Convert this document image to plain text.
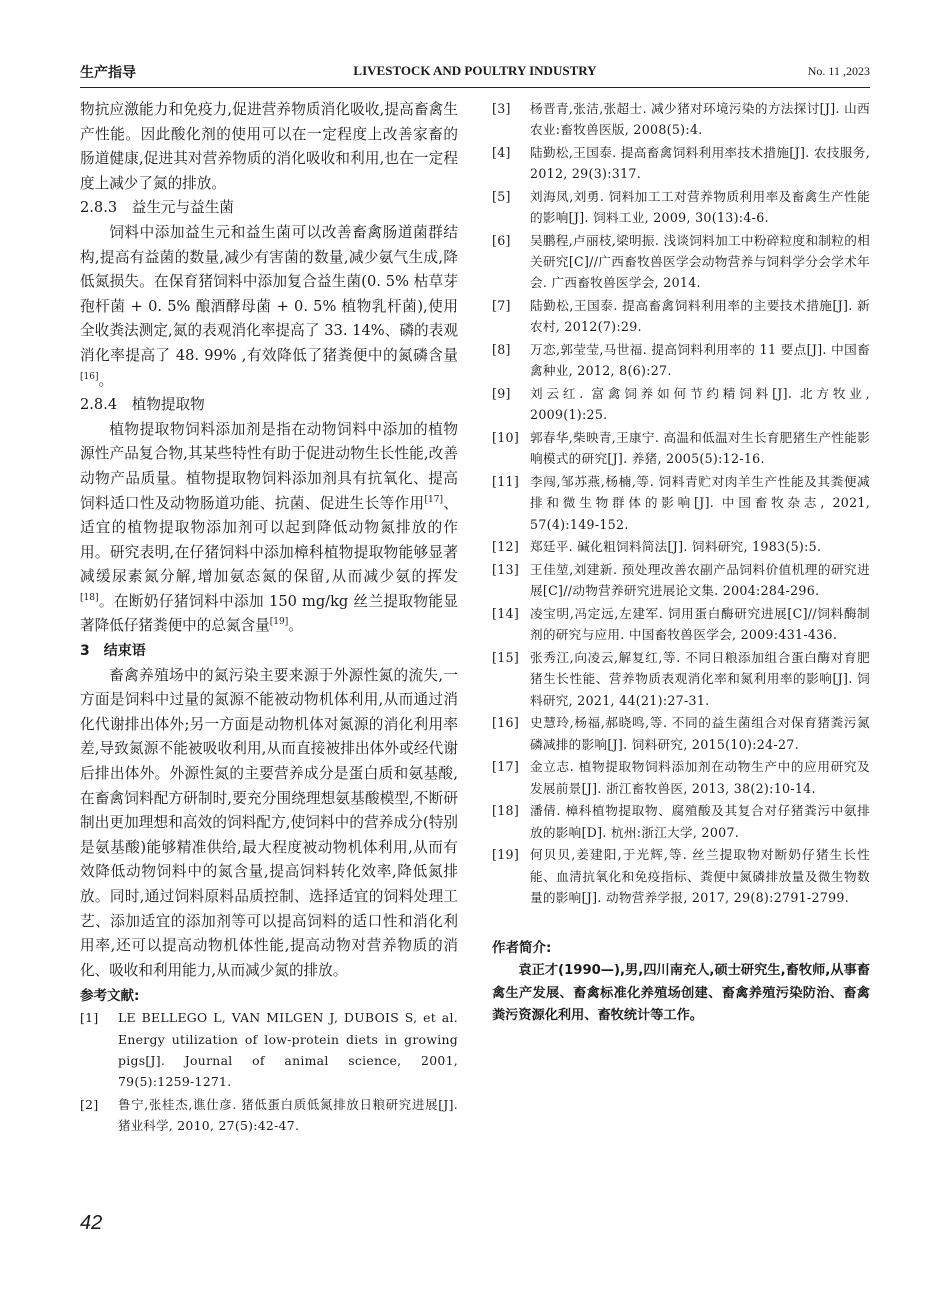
生产指导	LIVESTOCK AND POULTRY INDUSTRY	No. 11 ,2023

物抗应激能力和免疫力,促进营养物质消化吸收,提高畜禽生产性能。因此酸化剂的使用可以在一定程度上改善家畜的肠道健康,促进其对营养物质的消化吸收和利用,也在一定程度上减少了氮的排放。

2.8.3　益生元与益生菌

饲料中添加益生元和益生菌可以改善畜禽肠道菌群结构,提高有益菌的数量,减少有害菌的数量,减少氨气生成,降低氮损失。在保育猪饲料中添加复合益生菌(0. 5% 枯草芽孢杆菌 + 0. 5% 酿酒酵母菌 + 0. 5% 植物乳杆菌),使用全收粪法测定,氮的表观消化率提高了 33. 14%、磷的表观消化率提高了 48. 99% ,有效降低了猪粪便中的氮磷含量[16]。

2.8.4　植物提取物

植物提取物饲料添加剂是指在动物饲料中添加的植物源性产品复合物,其某些特性有助于促进动物生长性能,改善动物产品质量。植物提取物饲料添加剂具有抗氧化、提高饲料适口性及动物肠道功能、抗菌、促进生长等作用[17]、适宜的植物提取物添加剂可以起到降低动物氮排放的作用。研究表明,在仔猪饲料中添加樟科植物提取物能够显著减缓尿素氮分解,增加氨态氮的保留,从而减少氨的挥发[18]。在断奶仔猪饲料中添加 150 mg/kg 丝兰提取物能显著降低仔猪粪便中的总氮含量[19]。

3　结束语

畜禽养殖场中的氮污染主要来源于外源性氮的流失,一方面是饲料中过量的氮源不能被动物机体利用,从而通过消化代谢排出体外;另一方面是动物机体对氮源的消化利用率差,导致氮源不能被吸收利用,从而直接被排出体外或经代谢后排出体外。外源性氮的主要营养成分是蛋白质和氨基酸,在畜禽饲料配方研制时,要充分围绕理想氨基酸模型,不断研制出更加理想和高效的饲料配方,使饲料中的营养成分(特别是氨基酸)能够精准供给,最大程度被动物机体利用,从而有效降低动物饲料中的氮含量,提高饲料转化效率,降低氮排放。同时,通过饲料原料品质控制、选择适宜的饲料处理工艺、添加适宜的添加剂等可以提高饲料的适口性和消化利用率,还可以提高动物机体性能,提高动物对营养物质的消化、吸收和利用能力,从而减少氮的排放。

参考文献:
[1]	LE BELLEGO L, VAN MILGEN J, DUBOIS S, et al. Energy utilization of low-protein diets in growing pigs[J]. Journal of animal science, 2001, 79(5):1259-1271.
[2]	鲁宁,张桂杰,谯仕彦. 猪低蛋白质低氮排放日粮研究进展[J]. 猪业科学, 2010, 27(5):42-47.
[3]	杨晋青,张洁,张超士. 减少猪对环境污染的方法探讨[J]. 山西农业:畜牧兽医版, 2008(5):4.
[4]	陆勤松,王国泰. 提高畜禽饲料利用率技术措施[J]. 农技服务, 2012, 29(3):317.
[5]	刘海凤,刘勇. 饲料加工工对营养物质利用率及畜禽生产性能的影响[J]. 饲料工业, 2009, 30(13):4-6.
[6]	吴鹏程,卢丽枝,梁明振. 浅谈饲料加工中粉碎粒度和制粒的相关研究[C]//广西畜牧兽医学会动物营养与饲料学分会学术年会. 广西畜牧兽医学会, 2014.
[7]	陆勤松,王国泰. 提高畜禽饲料利用率的主要技术措施[J]. 新农村, 2012(7):29.
[8]	万恋,郭莹莹,马世福. 提高饲料利用率的 11 要点[J]. 中国畜禽种业, 2012, 8(6):27.
[9]	刘云红. 富禽饲养如何节约精饲料[J]. 北方牧业, 2009(1):25.
[10] 郭春华,柴映青,王康宁. 高温和低温对生长育肥猪生产性能影响模式的研究[J]. 养猪, 2005(5):12-16.
[11] 李闯,邹苏燕,杨楠,等. 饲料青贮对肉羊生产性能及其粪便减排和微生物群体的影响[J]. 中国畜牧杂志, 2021, 57(4):149-152.
[12] 郑廷平. 碱化粗饲料简法[J]. 饲料研究, 1983(5):5.
[13] 王佳堃,刘建新. 预处理改善农副产品饲料价值机理的研究进展[C]//动物营养研究进展论文集. 2004:284-296.
[14] 凌宝明,冯定远,左建军. 饲用蛋白酶研究进展[C]//饲料酶制剂的研究与应用. 中国畜牧兽医学会, 2009:431-436.
[15] 张秀江,向凌云,解复红,等. 不同日粮添加组合蛋白酶对育肥猪生长性能、营养物质表观消化率和氮利用率的影响[J]. 饲料研究, 2021, 44(21):27-31.
[16] 史慧玲,杨福,郝晓鸣,等. 不同的益生菌组合对保育猪粪污氮磷减排的影响[J]. 饲料研究, 2015(10):24-27.
[17] 金立志. 植物提取物饲料添加剂在动物生产中的应用研究及发展前景[J]. 浙江畜牧兽医, 2013, 38(2):10-14.
[18] 潘倩. 樟科植物提取物、腐殖酸及其复合对仔猪粪污中氨排放的影响[D]. 杭州:浙江大学, 2007.
[19] 何贝贝,姜建阳,于光辉,等. 丝兰提取物对断奶仔猪生长性能、血清抗氧化和免疫指标、粪便中氮磷排放量及微生物数量的影响[J]. 动物营养学报, 2017, 29(8):2791-2799.
作者简介:

袁正才(1990—),男,四川南充人,硕士研究生,畜牧师,从事畜禽生产发展、畜禽标准化养殖场创建、畜禽养殖污染防治、畜禽粪污资源化利用、畜牧统计等工作。

42
